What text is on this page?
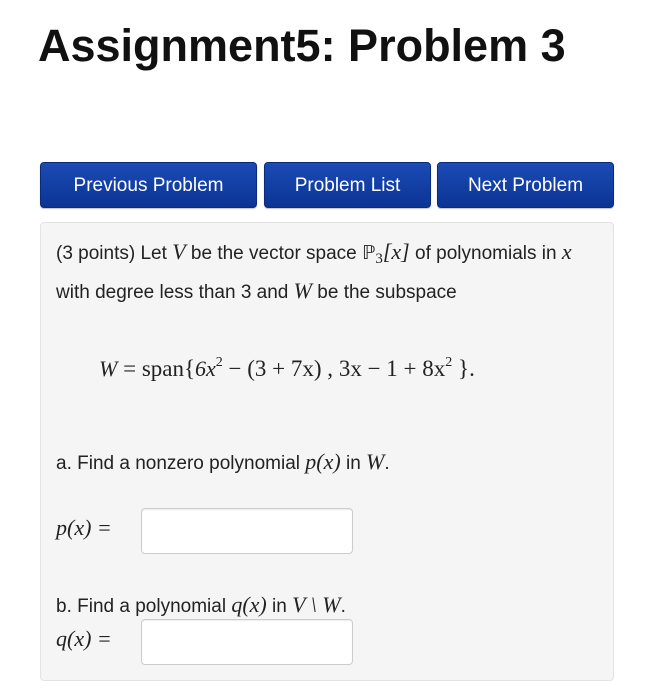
Assignment5: Problem 3
Previous Problem	Problem List	Next Problem
(3 points) Let V be the vector space ℙ$_3$[x] of polynomials in x with degree less than 3 and W be the subspace
$W = span\{6x^2 - (3 + 7x)$ , $3x - 1 + 8x^2$ }.
a. Find a nonzero polynomial p(x) in W.
p(x) =
b. Find a polynomial q(x) in V \ W.
q(x) =
